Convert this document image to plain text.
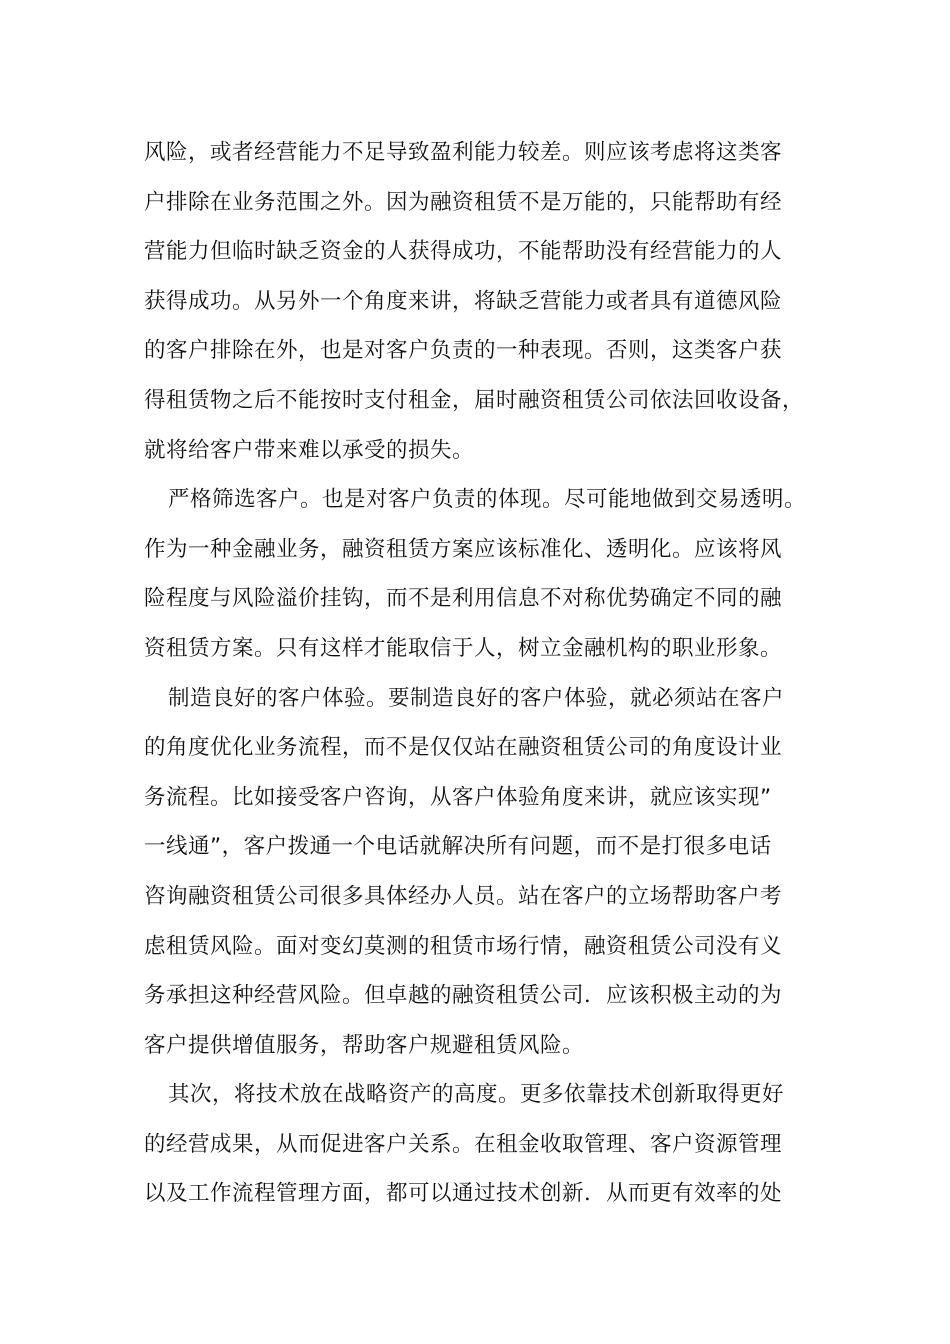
风险，或者经营能力不足导致盈利能力较差。则应该考虑将这类客
户排除在业务范围之外。因为融资租赁不是万能的，只能帮助有经
营能力但临时缺乏资金的人获得成功，不能帮助没有经营能力的人
获得成功。从另外一个角度来讲，将缺乏营能力或者具有道德风险
的客户排除在外，也是对客户负责的一种表现。否则，这类客户获
得租赁物之后不能按时支付租金，届时融资租赁公司依法回收设备，
就将给客户带来难以承受的损失。
严格筛选客户。也是对客户负责的体现。尽可能地做到交易透明。
作为一种金融业务，融资租赁方案应该标准化、透明化。应该将风
险程度与风险溢价挂钩，而不是利用信息不对称优势确定不同的融
资租赁方案。只有这样才能取信于人，树立金融机构的职业形象。
制造良好的客户体验。要制造良好的客户体验，就必须站在客户
的角度优化业务流程，而不是仅仅站在融资租赁公司的角度设计业
务流程。比如接受客户咨询，从客户体验角度来讲，就应该实现”
一线通”，客户拨通一个电话就解决所有问题，而不是打很多电话
咨询融资租赁公司很多具体经办人员。站在客户的立场帮助客户考
虑租赁风险。面对变幻莫测的租赁市场行情，融资租赁公司没有义
务承担这种经营风险。但卓越的融资租赁公司．应该积极主动的为
客户提供增值服务，帮助客户规避租赁风险。
其次，将技术放在战略资产的高度。更多依靠技术创新取得更好
的经营成果，从而促进客户关系。在租金收取管理、客户资源管理
以及工作流程管理方面，都可以通过技术创新．从而更有效率的处
